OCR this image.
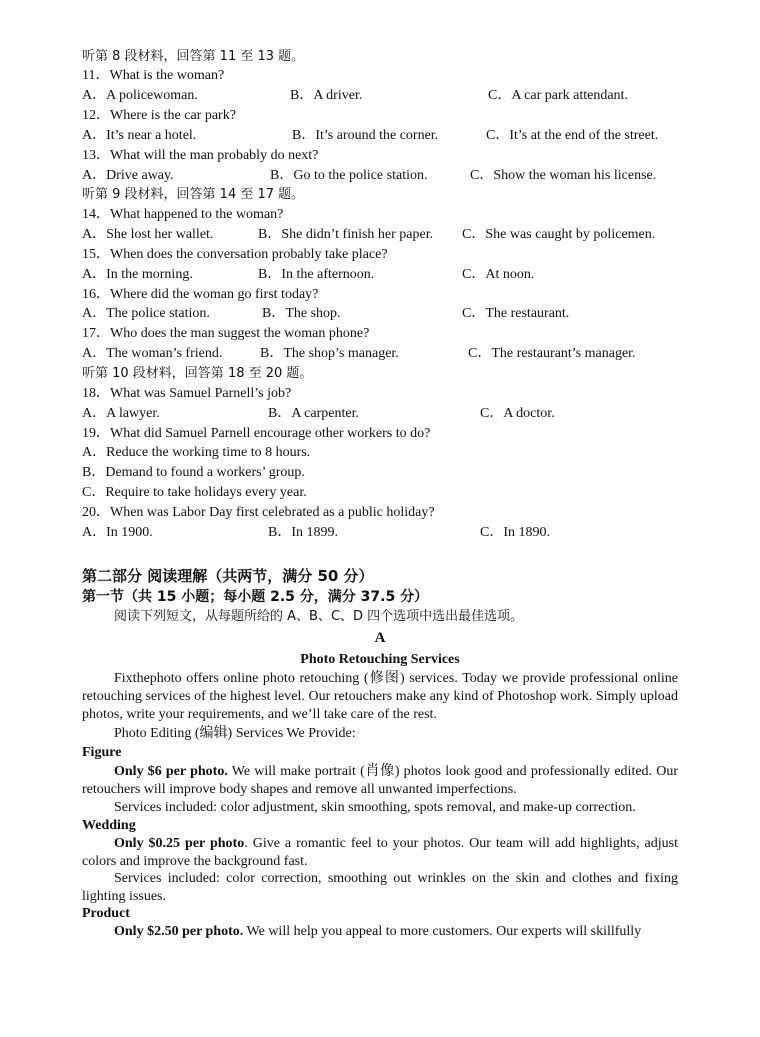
听第 8 段材料，回答第 11 至 13 题。
11．What is the woman?
A．A policewoman.	B．A driver.	C．A car park attendant.
12．Where is the car park?
A．It’s near a hotel.	B．It’s around the corner.	C．It’s at the end of the street.
13．What will the man probably do next?
A．Drive away.	B．Go to the police station.	C．Show the woman his license.
听第 9 段材料，回答第 14 至 17 题。
14．What happened to the woman?
A．She lost her wallet.	B．She didn’t finish her paper. C．She was caught by policemen.
15．When does the conversation probably take place?
A．In the morning.	B．In the afternoon.	C．At noon.
16．Where did the woman go first today?
A．The police station.	B．The shop.	C．The restaurant.
17．Who does the man suggest the woman phone?
A．The woman’s friend.	B．The shop’s manager.	C．The restaurant’s manager.
听第 10 段材料，回答第 18 至 20 题。
18．What was Samuel Parnell’s job?
A．A lawyer.	B．A carpenter.	C．A doctor.
19．What did Samuel Parnell encourage other workers to do?
A．Reduce the working time to 8 hours.
B．Demand to found a workers’ group.
C．Require to take holidays every year.
20．When was Labor Day first celebrated as a public holiday?
A．In 1900.	B．In 1899.	C．In 1890.
第二部分 阅读理解（共两节，满分 50 分）
第一节（共 15 小题；每小题 2.5 分，满分 37.5 分）
阅读下列短文，从每题所给的 A、B、C、D 四个选项中选出最佳选项。
A
Photo Retouching Services
Fixthephoto offers online photo retouching (修图) services. Today we provide professional online retouching services of the highest level. Our retouchers make any kind of Photoshop work. Simply upload photos, write your requirements, and we’ll take care of the rest.
Photo Editing (编辑) Services We Provide:
Figure
Only $6 per photo. We will make portrait (肖像) photos look good and professionally edited. Our retouchers will improve body shapes and remove all unwanted imperfections.
Services included: color adjustment, skin smoothing, spots removal, and make-up correction.
Wedding
Only $0.25 per photo. Give a romantic feel to your photos. Our team will add highlights, adjust colors and improve the background fast.
Services included: color correction, smoothing out wrinkles on the skin and clothes and fixing lighting issues.
Product
Only $2.50 per photo. We will help you appeal to more customers. Our experts will skillfully
